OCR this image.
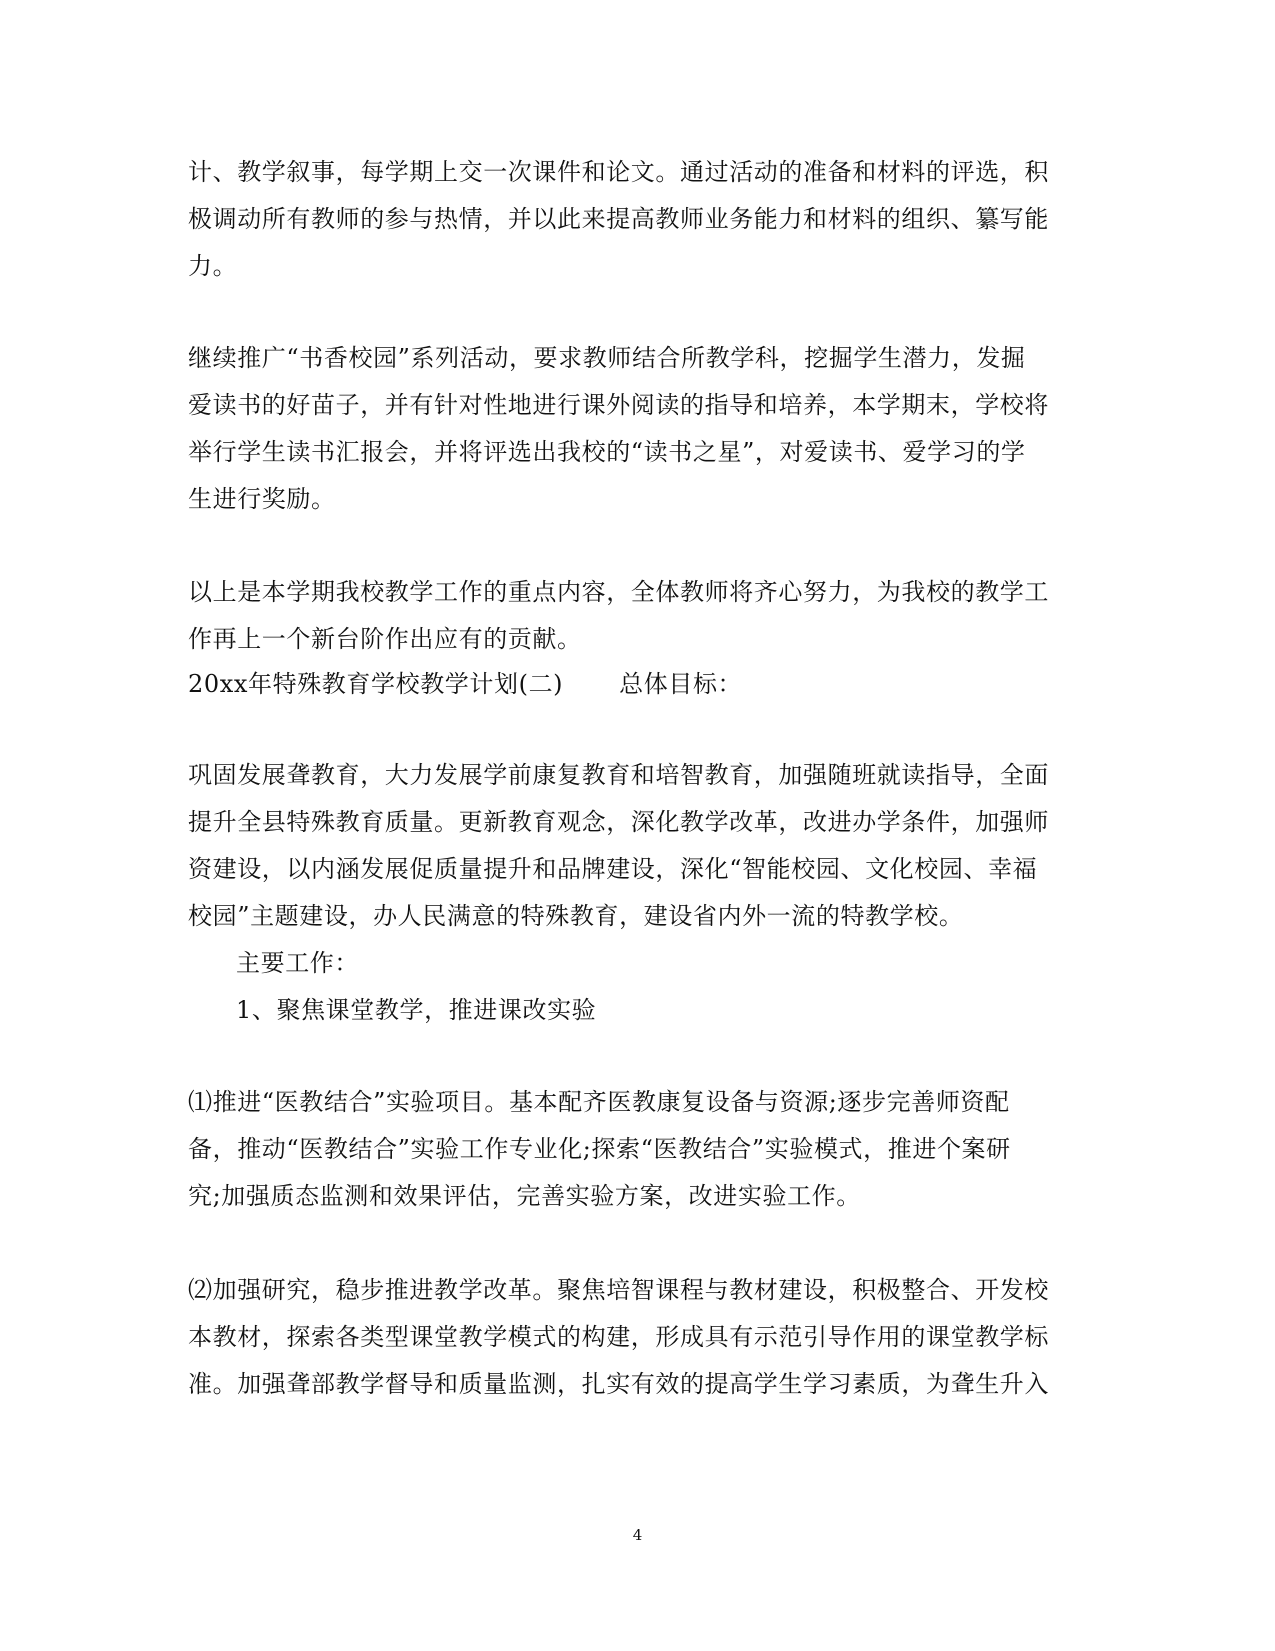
计、教学叙事，每学期上交一次课件和论文。通过活动的准备和材料的评选，积
极调动所有教师的参与热情，并以此来提高教师业务能力和材料的组织、纂写能
力。
继续推广“书香校园”系列活动，要求教师结合所教学科，挖掘学生潜力，发掘
爱读书的好苗子，并有针对性地进行课外阅读的指导和培养，本学期末，学校将
举行学生读书汇报会，并将评选出我校的“读书之星”，对爱读书、爱学习的学
生进行奖励。
以上是本学期我校教学工作的重点内容，全体教师将齐心努力，为我校的教学工
作再上一个新台阶作出应有的贡献。
20xx年特殊教育学校教学计划(二) 总体目标：
巩固发展聋教育，大力发展学前康复教育和培智教育，加强随班就读指导，全面
提升全县特殊教育质量。更新教育观念，深化教学改革，改进办学条件，加强师
资建设，以内涵发展促质量提升和品牌建设，深化“智能校园、文化校园、幸福
校园”主题建设，办人民满意的特殊教育，建设省内外一流的特教学校。
主要工作：
1、聚焦课堂教学，推进课改实验
⑴推进“医教结合”实验项目。基本配齐医教康复设备与资源;逐步完善师资配
备，推动“医教结合”实验工作专业化;探索“医教结合”实验模式，推进个案研
究;加强质态监测和效果评估，完善实验方案，改进实验工作。
⑵加强研究，稳步推进教学改革。聚焦培智课程与教材建设，积极整合、开发校
本教材，探索各类型课堂教学模式的构建，形成具有示范引导作用的课堂教学标
准。加强聋部教学督导和质量监测，扎实有效的提高学生学习素质，为聋生升入
4
